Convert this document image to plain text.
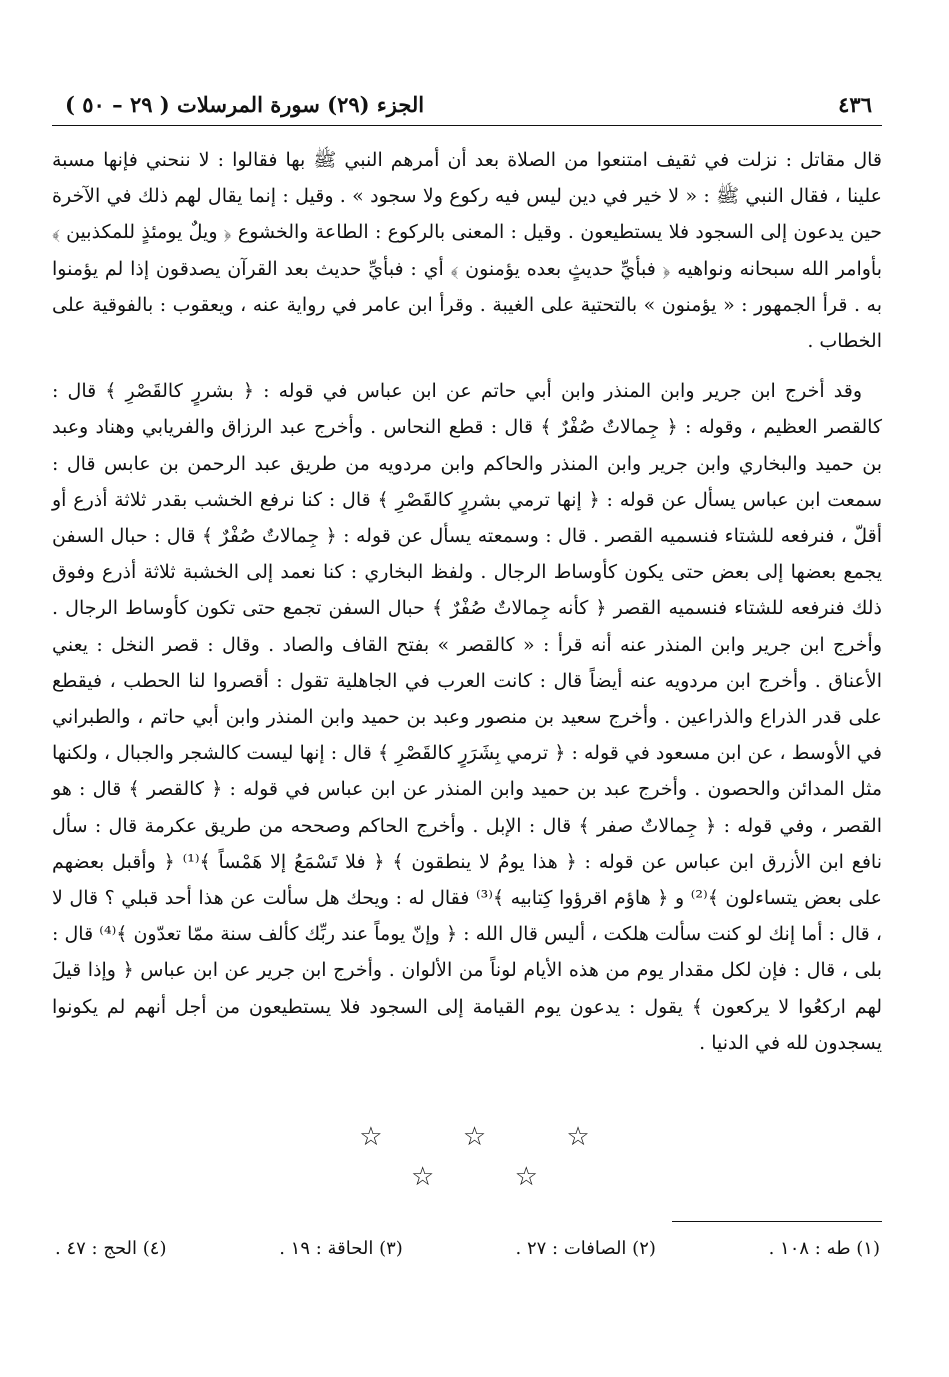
٤٣٦
الجزء (٢٩) سورة المرسلات ( ٢٩ – ٥٠ )

قال مقاتل : نزلت في ثقيف امتنعوا من الصلاة بعد أن أمرهم النبي ﷺ بها فقالوا : لا ننحني فإنها مسبة علينا ، فقال النبي ﷺ : « لا خير في دين ليس فيه ركوع ولا سجود » . وقيل : إنما يقال لهم ذلك في الآخرة حين يدعون إلى السجود فلا يستطيعون . وقيل : المعنى بالركوع : الطاعة والخشوع ﴿ ويلٌ يومئذٍ للمكذبين ﴾ بأوامر الله سبحانه ونواهيه ﴿ فبأيِّ حديثٍ بعده يؤمنون ﴾ أي : فبأيِّ حديث بعد القرآن يصدقون إذا لم يؤمنوا به . قرأ الجمهور : « يؤمنون » بالتحتية على الغيبة . وقرأ ابن عامر في رواية عنه ، ويعقوب : بالفوقية على الخطاب .

وقد أخرج ابن جرير وابن المنذر وابن أبي حاتم عن ابن عباس في قوله : ﴿ بشررٍ كالقَصْرِ ﴾ قال : كالقصر العظيم ، وقوله : ﴿ جِمالاتٌ صُفْرٌ ﴾ قال : قطع النحاس . وأخرج عبد الرزاق والفريابي وهناد وعبد بن حميد والبخاري وابن جرير وابن المنذر والحاكم وابن مردويه من طريق عبد الرحمن بن عابس قال : سمعت ابن عباس يسأل عن قوله : ﴿ إنها ترمي بشررٍ كالقَصْرِ ﴾ قال : كنا نرفع الخشب بقدر ثلاثة أذرع أو أقلّ ، فنرفعه للشتاء فنسميه القصر . قال : وسمعته يسأل عن قوله : ﴿ جِمالاتٌ صُفْرٌ ﴾ قال : حبال السفن يجمع بعضها إلى بعض حتى يكون كأوساط الرجال . ولفظ البخاري : كنا نعمد إلى الخشبة ثلاثة أذرع وفوق ذلك فنرفعه للشتاء فنسميه القصر ﴿ كأنه جِمالاتٌ صُفْرٌ ﴾ حبال السفن تجمع حتى تكون كأوساط الرجال . وأخرج ابن جرير وابن المنذر عنه أنه قرأ : « كالقصر » بفتح القاف والصاد . وقال : قصر النخل : يعني الأعناق . وأخرج ابن مردويه عنه أيضاً قال : كانت العرب في الجاهلية تقول : أقصروا لنا الحطب ، فيقطع على قدر الذراع والذراعين . وأخرج سعيد بن منصور وعبد بن حميد وابن المنذر وابن أبي حاتم ، والطبراني في الأوسط ، عن ابن مسعود في قوله : ﴿ ترمي بِشَرَرٍ كالقَصْرِ ﴾ قال : إنها ليست كالشجر والجبال ، ولكنها مثل المدائن والحصون . وأخرج عبد بن حميد وابن المنذر عن ابن عباس في قوله : ﴿ كالقصر ﴾ قال : هو القصر ، وفي قوله : ﴿ جِمالاتٌ صفر ﴾ قال : الإبل . وأخرج الحاكم وصححه من طريق عكرمة قال : سأل نافع ابن الأزرق ابن عباس عن قوله : ﴿ هذا يومُ لا ينطقون ﴾ ﴿ فلا تَسْمَعُ إلا هَمْساً ﴾⁽¹⁾ ﴿ وأقبل بعضهم على بعض يتساءلون ﴾⁽²⁾ و ﴿ هاؤم اقرؤوا كِتابيه ﴾⁽³⁾ فقال له : ويحك هل سألت عن هذا أحد قبلي ؟ قال لا ، قال : أما إنك لو كنت سألت هلكت ، أليس قال الله : ﴿ وإنّ يوماً عند ربِّك كألف سنة ممّا تعدّون ﴾⁽⁴⁾ قال : بلى ، قال : فإن لكل مقدار يوم من هذه الأيام لوناً من الألوان . وأخرج ابن جرير عن ابن عباس ﴿ وإذا قيلَ لهم اركعُوا لا يركعون ﴾ يقول : يدعون يوم القيامة إلى السجود فلا يستطيعون من أجل أنهم لم يكونوا يسجدون لله في الدنيا .

☆ ☆ ☆
☆ ☆
(١) طه : ١٠٨ .
(٢) الصافات : ٢٧ .
(٣) الحاقة : ١٩ .
(٤) الحج : ٤٧ .
